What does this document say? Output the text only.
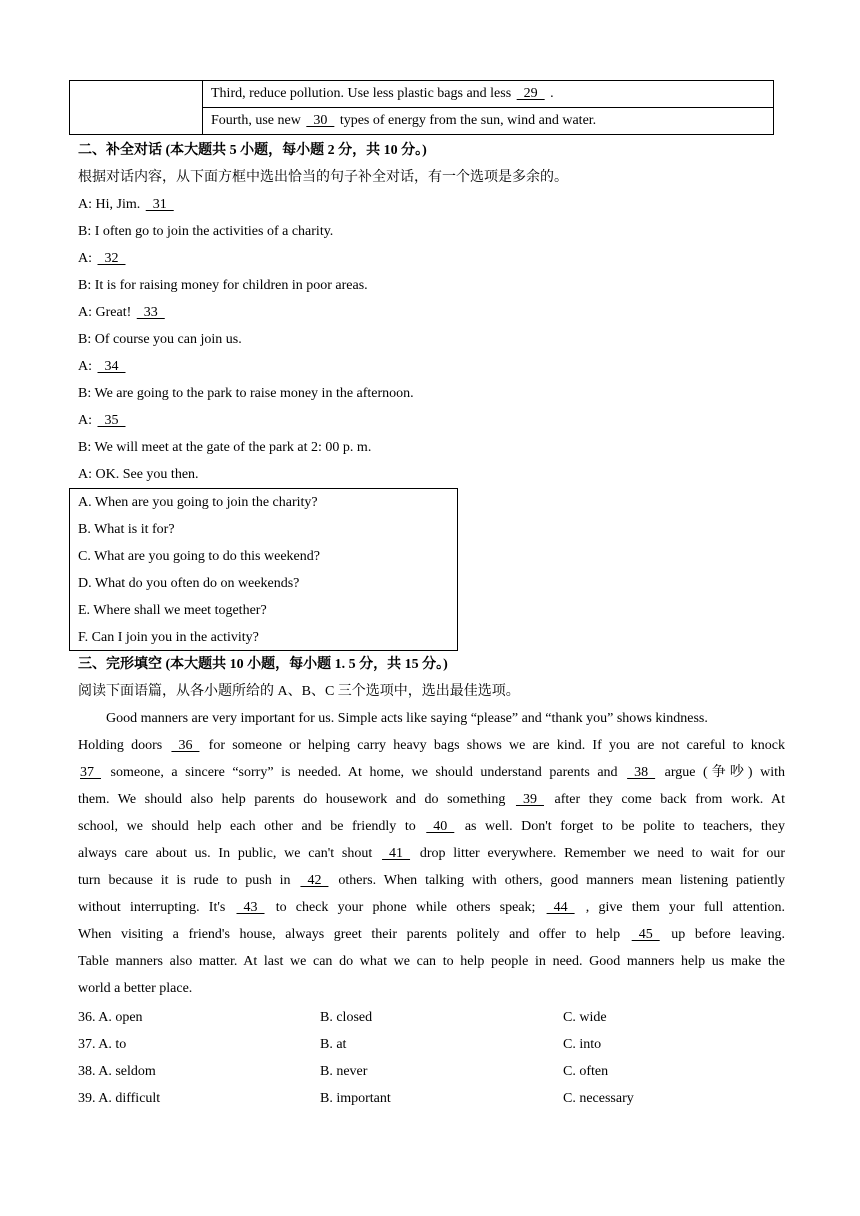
	Third, reduce pollution. Use less plastic bags and less   29   .
Fourth, use new   30   types of energy from the sun, wind and water.
二、补全对话 (本大题共 5 小题，每小题 2 分，共 10 分。)
根据对话内容，从下面方框中选出恰当的句子补全对话，有一个选项是多余的。
A: Hi, Jim.   31
B: I often go to join the activities of a charity.
A:   32
B: It is for raising money for children in poor areas.
A: Great!   33
B: Of course you can join us.
A:   34
B: We are going to the park to raise money in the afternoon.
A:   35
B: We will meet at the gate of the park at 2: 00 p. m.
A: OK. See you then.
A. When are you going to join the charity?
B. What is it for?
C. What are you going to do this weekend?
D. What do you often do on weekends?
E. Where shall we meet together?
F. Can I join you in the activity?
三、完形填空 (本大题共 10 小题，每小题 1. 5 分，共 15 分。)
阅读下面语篇，从各小题所给的 A、B、C 三个选项中，选出最佳选项。
Good manners are very important for us. Simple acts like saying “please” and “thank you” shows kindness.
Holding doors   36   for someone or helping carry heavy bags shows we are kind. If you are not careful to knock
37   someone, a sincere “sorry” is needed. At home, we should understand parents and   38   argue (争吵) with
them. We should also help parents do housework and do something   39   after they come back from work. At
school, we should help each other and be friendly to   40   as well. Don't forget to be polite to teachers, they
always care about us. In public, we can't shout   41   drop litter everywhere. Remember we need to wait for our
turn because it is rude to push in   42   others. When talking with others, good manners mean listening patiently
without interrupting. It's   43   to check your phone while others speak;   44   , give them your full attention.
When visiting a friend's house, always greet their parents politely and offer to help   45   up before leaving.
Table manners also matter. At last we can do what we can to help people in need. Good manners help us make the
world a better place.
36. A. open	B. closed	C. wide
37. A. to	B. at	C. into
38. A. seldom	B. never	C. often
39. A. difficult	B. important	C. necessary
